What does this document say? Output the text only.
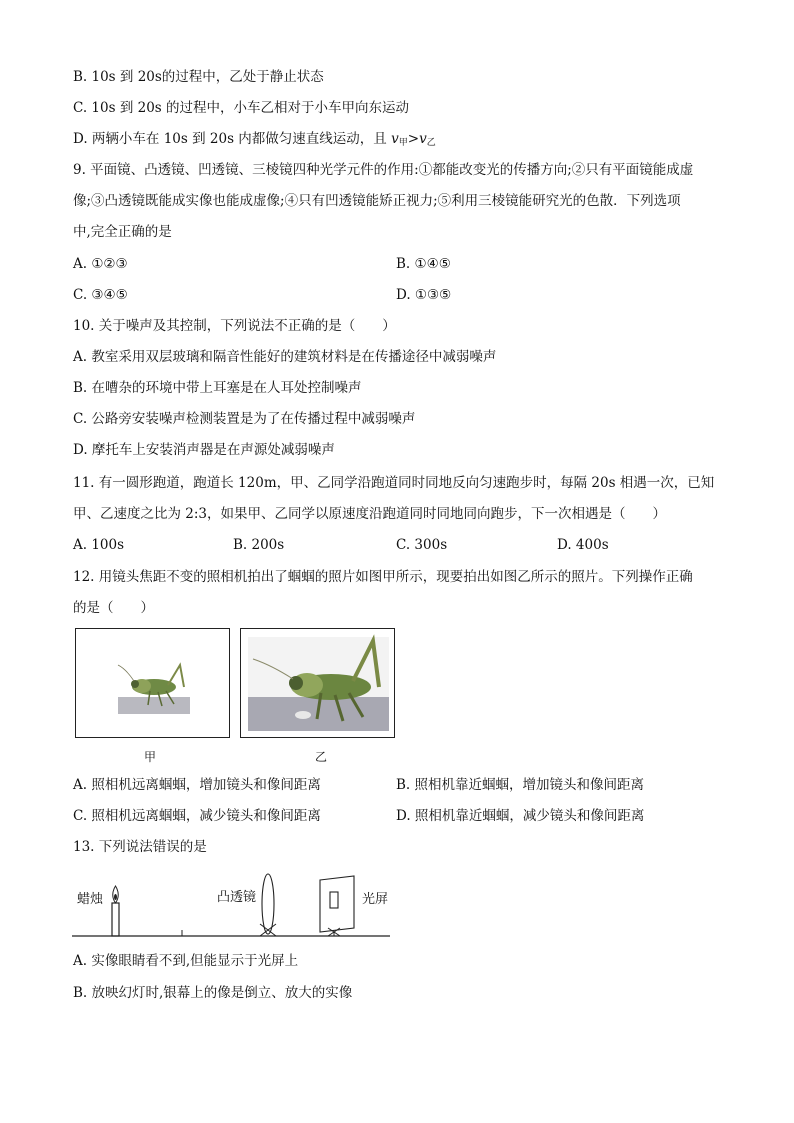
B. 10s 到 20s的过程中，乙处于静止状态
C. 10s 到 20s 的过程中，小车乙相对于小车甲向东运动
D. 两辆小车在 10s 到 20s 内都做匀速直线运动，且 v甲>v乙
9. 平面镜、凸透镜、凹透镜、三棱镜四种光学元件的作用:①都能改变光的传播方向;②只有平面镜能成虚
像;③凸透镜既能成实像也能成虚像;④只有凹透镜能矫正视力;⑤利用三棱镜能研究光的色散．下列选项
中,完全正确的是
A. ①②③	B. ①④⑤
C. ③④⑤	D. ①③⑤
10. 关于噪声及其控制，下列说法不正确的是（　　）
A. 教室采用双层玻璃和隔音性能好的建筑材料是在传播途径中减弱噪声
B. 在嘈杂的环境中带上耳塞是在人耳处控制噪声
C. 公路旁安装噪声检测装置是为了在传播过程中减弱噪声
D. 摩托车上安装消声器是在声源处减弱噪声
11. 有一圆形跑道，跑道长 120m，甲、乙同学沿跑道同时同地反向匀速跑步时，每隔 20s 相遇一次，已知
甲、乙速度之比为 2:3，如果甲、乙同学以原速度沿跑道同时同地同向跑步，下一次相遇是（　　）
A. 100s	B. 200s	C. 300s	D. 400s
12. 用镜头焦距不变的照相机拍出了蝈蝈的照片如图甲所示，现要拍出如图乙所示的照片。下列操作正确
的是（　　）
甲	乙
A. 照相机远离蝈蝈，增加镜头和像间距离	B. 照相机靠近蝈蝈，增加镜头和像间距离
C. 照相机远离蝈蝈，减少镜头和像间距离	D. 照相机靠近蝈蝈，减少镜头和像间距离
13. 下列说法错误的是
蜡烛	凸透镜	光屏
A. 实像眼睛看不到,但能显示于光屏上
B. 放映幻灯时,银幕上的像是倒立、放大的实像
